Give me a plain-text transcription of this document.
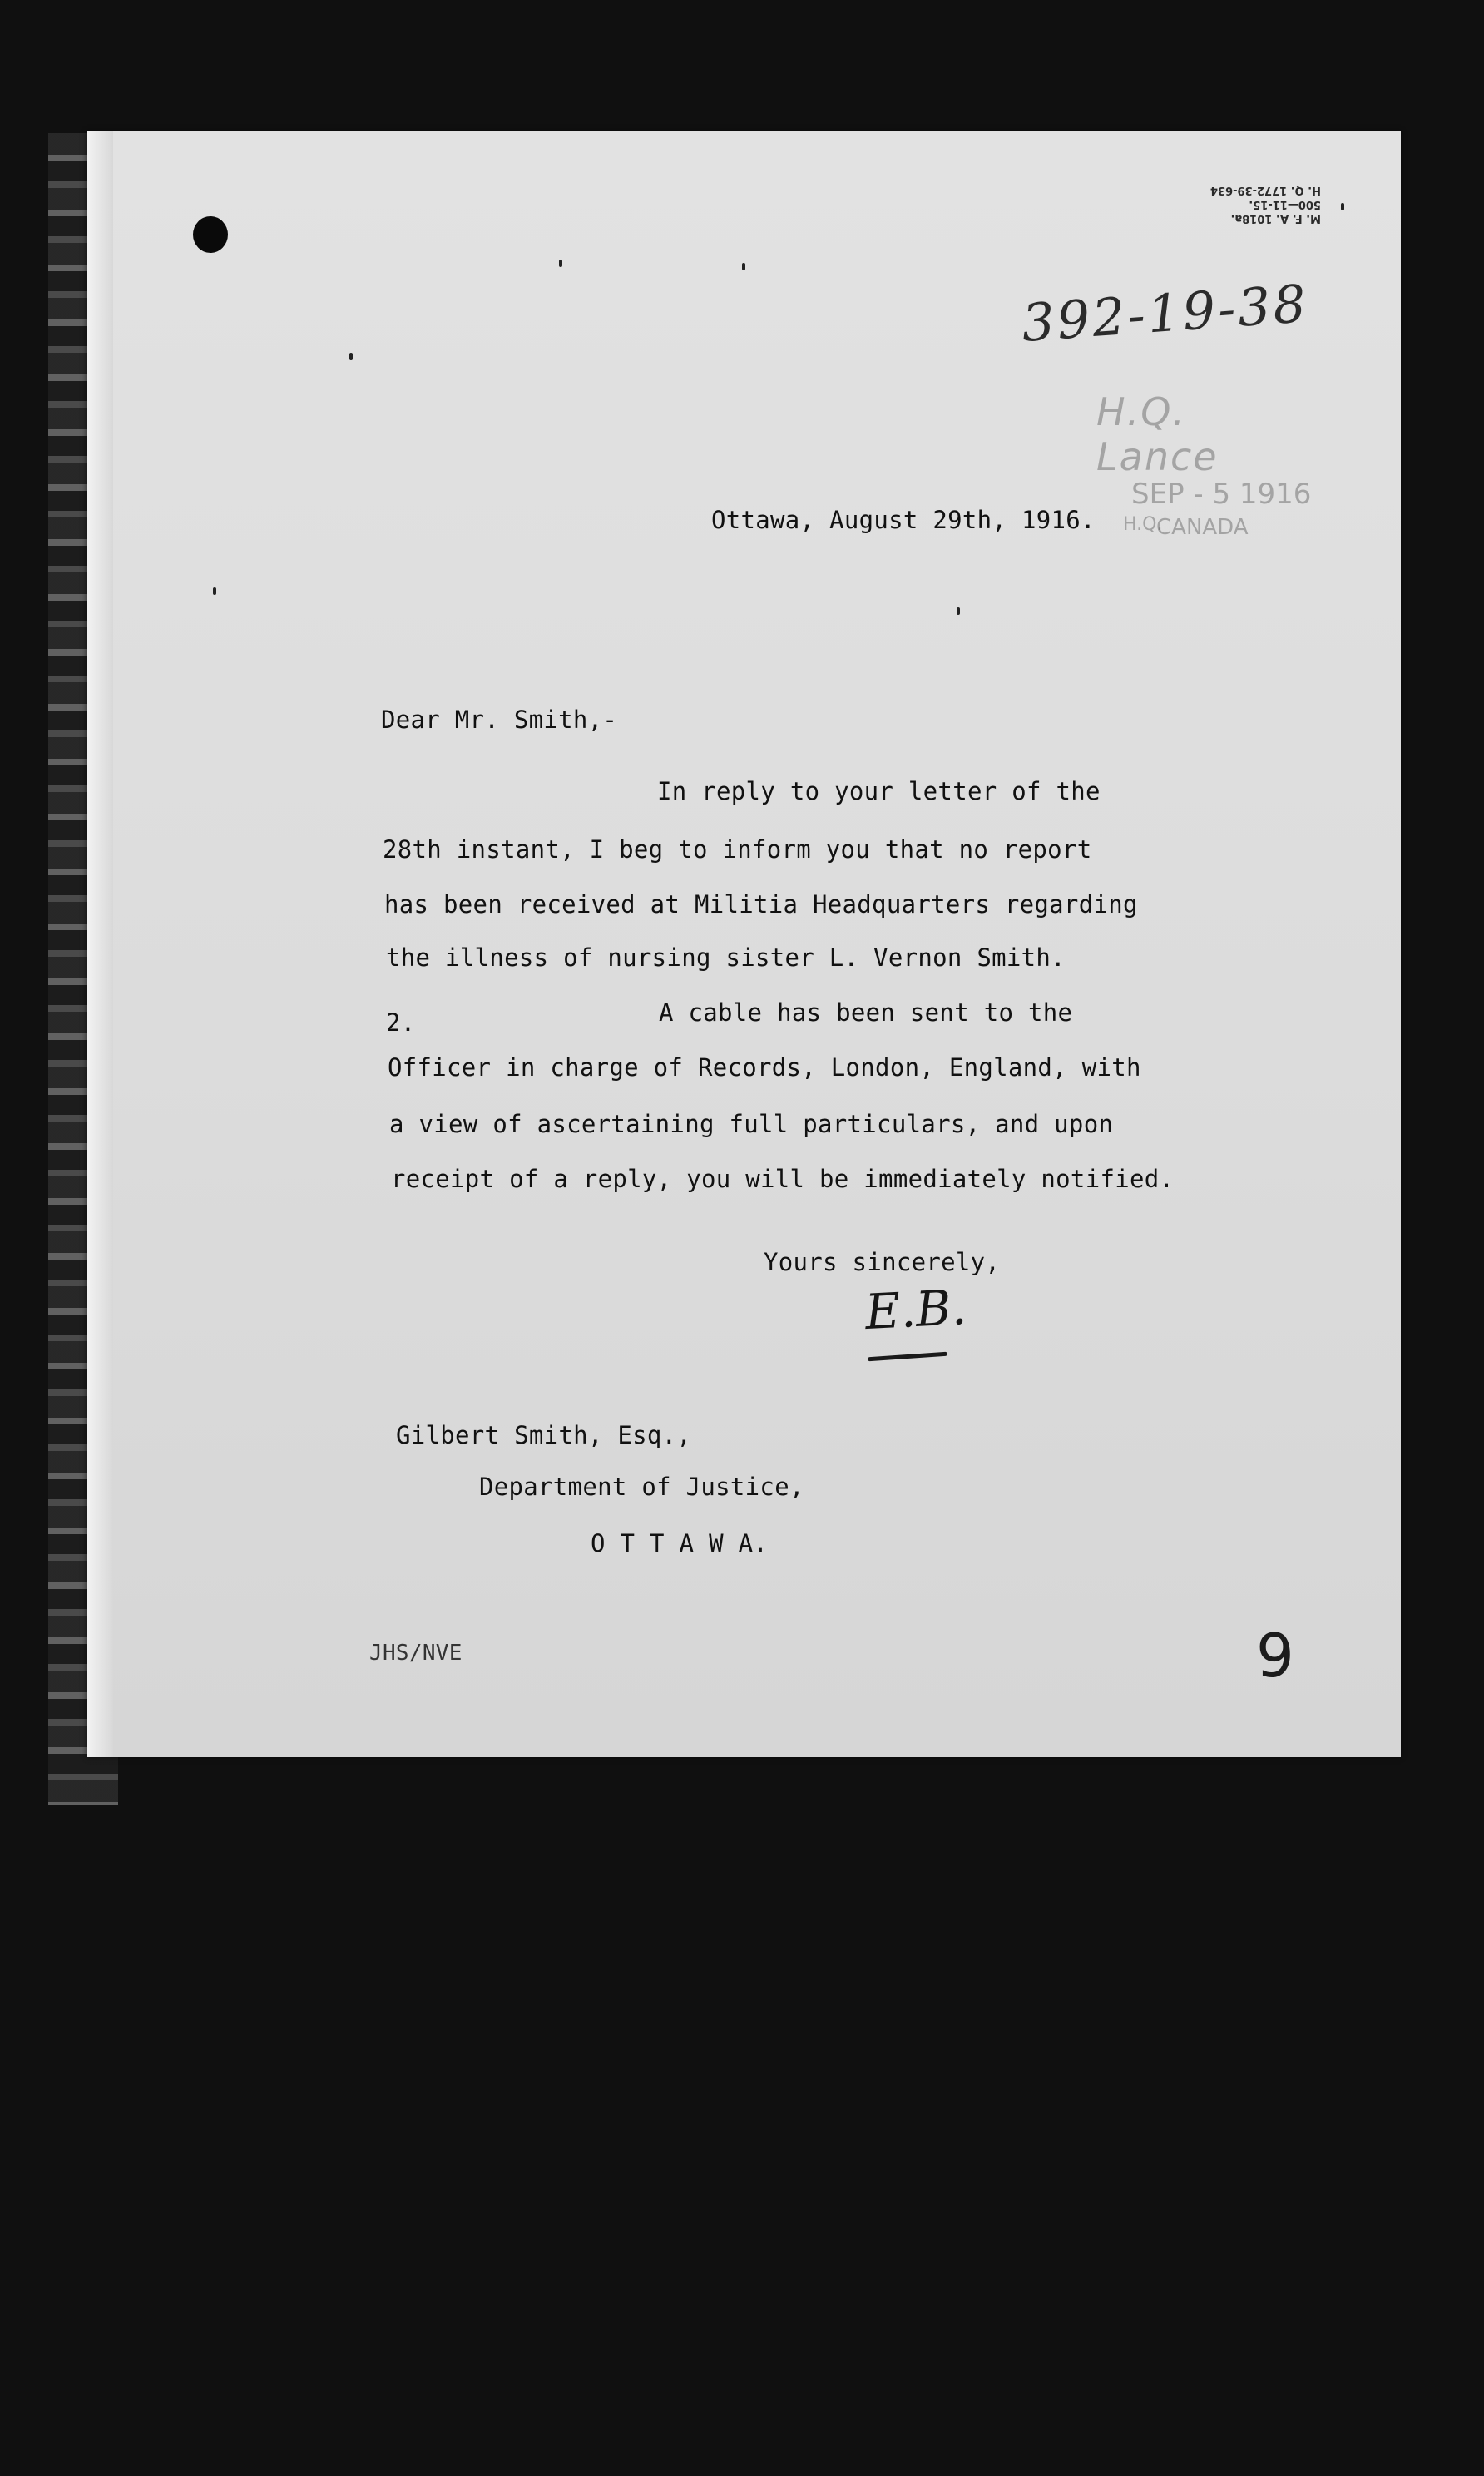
M. F. A. 1018a.
500—11-15.
H. Q. 1772-39-634
392-19-38
H.Q. Lance
SEP - 5 1916
H.Q.
CANADA
Ottawa, August 29th, 1916.
Dear Mr. Smith,-
In reply to your letter of the
28th instant, I beg to inform you that no report
has been received at Militia Headquarters regarding
the illness of nursing sister L. Vernon Smith.
2.	A cable has been sent to the
Officer in charge of Records, London, England, with
a view of ascertaining full particulars, and upon
receipt of a reply, you will be immediately notified.
Yours sincerely,
E.B.
Gilbert Smith, Esq.,
Department of Justice,
O T T A W A.
JHS/NVE	9
